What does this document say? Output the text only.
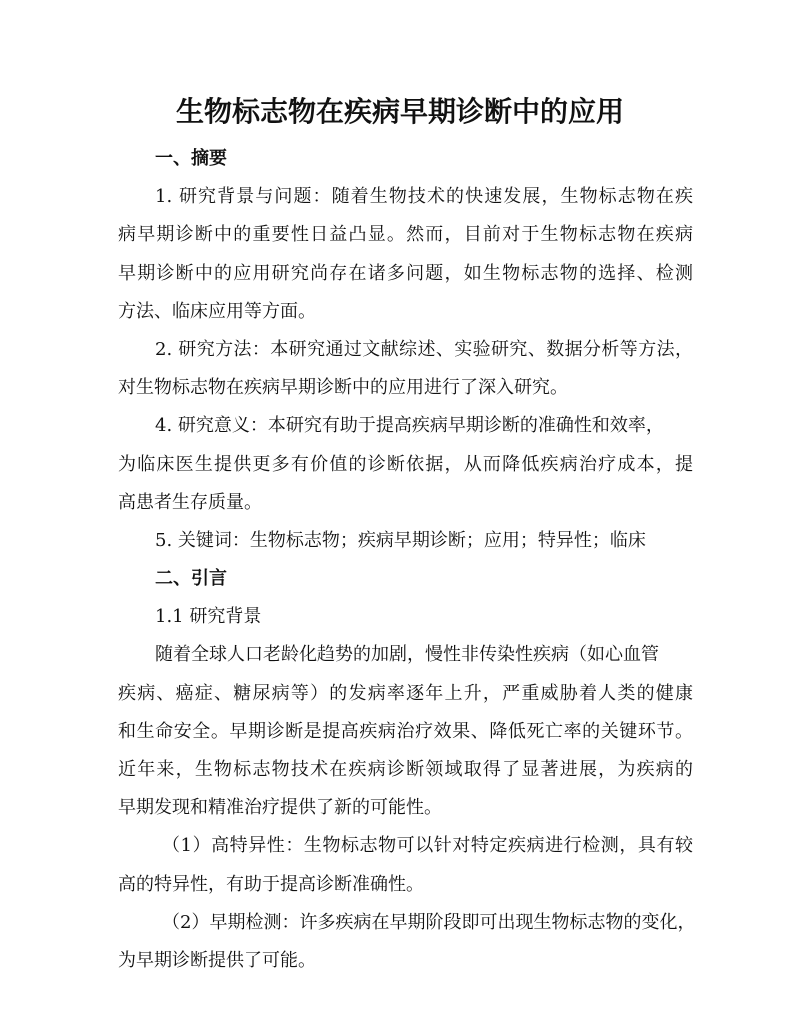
生物标志物在疾病早期诊断中的应用

一、摘要

1. 研究背景与问题：随着生物技术的快速发展，生物标志物在疾

病早期诊断中的重要性日益凸显。然而，目前对于生物标志物在疾病

早期诊断中的应用研究尚存在诸多问题，如生物标志物的选择、检测

方法、临床应用等方面。

2. 研究方法：本研究通过文献综述、实验研究、数据分析等方法，

对生物标志物在疾病早期诊断中的应用进行了深入研究。

4. 研究意义：本研究有助于提高疾病早期诊断的准确性和效率，

为临床医生提供更多有价值的诊断依据，从而降低疾病治疗成本，提

高患者生存质量。

5. 关键词：生物标志物；疾病早期诊断；应用；特异性；临床

二、引言

1.1 研究背景

随着全球人口老龄化趋势的加剧，慢性非传染性疾病（如心血管

疾病、癌症、糖尿病等）的发病率逐年上升，严重威胁着人类的健康

和生命安全。早期诊断是提高疾病治疗效果、降低死亡率的关键环节。

近年来，生物标志物技术在疾病诊断领域取得了显著进展，为疾病的

早期发现和精准治疗提供了新的可能性。

（1）高特异性：生物标志物可以针对特定疾病进行检测，具有较

高的特异性，有助于提高诊断准确性。

（2）早期检测：许多疾病在早期阶段即可出现生物标志物的变化，

为早期诊断提供了可能。
